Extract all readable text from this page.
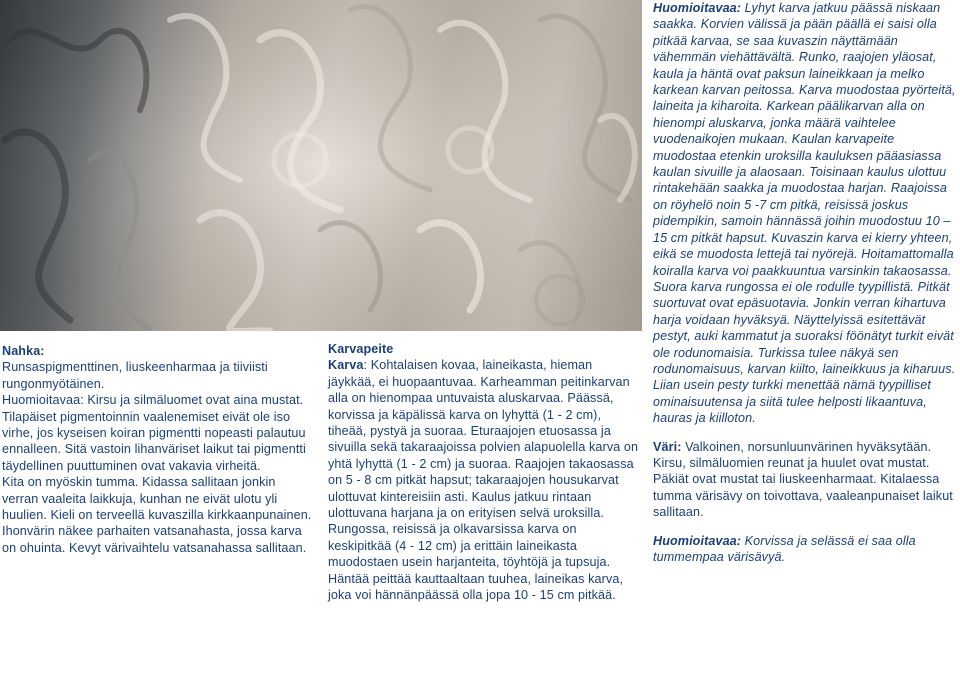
Nahka:

Runsaspigmenttinen, liuskeenharmaa ja tiiviisti rungonmyötäinen.

Huomioitavaa: Kirsu ja silmäluomet ovat aina mustat. Tilapäiset pigmentoinnin vaalenemiset eivät ole iso virhe, jos kyseisen koiran pigmentti nopeasti palautuu ennalleen. Sitä vastoin lihanväriset laikut tai pigmentti täydellinen puuttuminen ovat vakavia virheitä.

Kita on myöskin tumma. Kidassa sallitaan jonkin verran vaaleita laikkuja, kunhan ne eivät ulotu yli huulien. Kieli on terveellä kuvaszilla kirkkaanpunainen. Ihonvärin näkee parhaiten vatsanahasta, jossa karva on ohuinta. Kevyt värivaihtelu vatsanahassa sallitaan.

Karvapeite

Karva: Kohtalaisen kovaa, laineikasta, hieman jäykkää, ei huopaantuvaa. Karheamman peitinkarvan alla on hienompaa untuvaista aluskarvaa. Päässä, korvissa ja käpälissä karva on lyhyttä (1 - 2 cm), tiheää, pystyä ja suoraa. Eturaajojen etuosassa ja sivuilla sekä takaraajoissa polvien alapuolella karva on yhtä lyhyttä (1 - 2 cm) ja suoraa. Raajojen takaosassa on 5 - 8 cm pitkät hapsut; takaraajojen housukarvat ulottuvat kintereisiin asti. Kaulus jatkuu rintaan ulottuvana harjana ja on erityisen selvä uroksilla. Rungossa, reisissä ja olkavarsissa karva on keskipitkää (4 - 12 cm) ja erittäin laineikasta muodostaen usein harjanteita, töyhtöjä ja tupsuja. Häntää peittää kauttaaltaan tuuhea, laineikas karva, joka voi hännänpäässä olla jopa 10 - 15 cm pitkää.

Huomioitavaa: Lyhyt karva jatkuu päässä niskaan saakka. Korvien välissä ja pään päällä ei saisi olla pitkää karvaa, se saa kuvaszin näyttämään vähemmän viehättävältä. Runko, raajojen yläosat, kaula ja häntä ovat paksun laineikkaan ja melko karkean karvan peitossa. Karva muodostaa pyörteitä, laineita ja kiharoita. Karkean päälikarvan alla on hienompi aluskarva, jonka määrä vaihtelee vuodenaikojen mukaan. Kaulan karvapeite muodostaa etenkin uroksilla kauluksen pääasiassa kaulan sivuille ja alaosaan. Toisinaan kaulus ulottuu rintakehään saakka ja muodostaa harjan. Raajoissa on röyhelö noin 5 -7 cm pitkä, reisissä joskus pidempikin, samoin hännässä joihin muodostuu 10 – 15 cm pitkät hapsut. Kuvaszin karva ei kierry yhteen, eikä se muodosta lettejä tai nyörejä. Hoitamattomalla koiralla karva voi paakkuuntua varsinkin takaosassa. Suora karva rungossa ei ole rodulle tyypillistä. Pitkät suortuvat ovat epäsuotavia. Jonkin verran kihartuva harja voidaan hyväksyä. Näyttelyissä esitettävät pestyt, auki kammatut ja suoraksi föönätyt turkit eivät ole rodunomaisia. Turkissa tulee näkyä sen rodunomaisuus, karvan kiilto, laineikkuus ja kiharuus. Liian usein pesty turkki menettää nämä tyypilliset ominaisuutensa ja siitä tulee helposti likaantuva, hauras ja kiilloton.

Väri: Valkoinen, norsunluunvärinen hyväksytään. Kirsu, silmäluomien reunat ja huulet ovat mustat. Päkiät ovat mustat tai liuskeenharmaat. Kitalaessa tumma värisävy on toivottava, vaaleanpunaiset laikut sallitaan.

Huomioitavaa: Korvissa ja selässä ei saa olla tummempaa värisävyä.
